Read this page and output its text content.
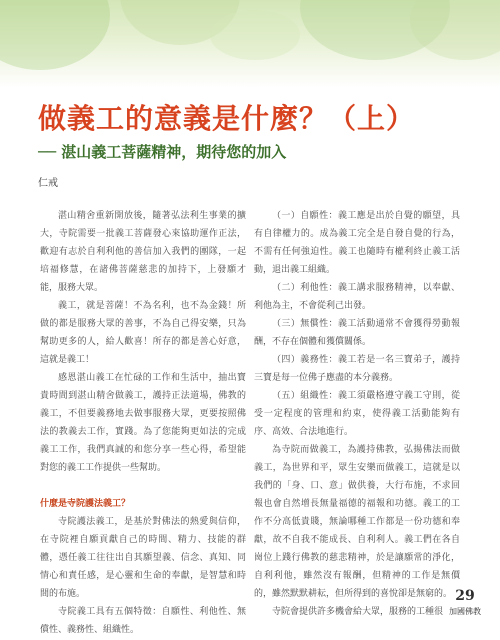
做義工的意義是什麼？（上）
── 湛山義工菩薩精神，期待您的加入
仁戒

湛山精舍重新開放後，隨著弘法利生事業的擴大，寺院需要一批義工菩薩發心來協助運作正法，歡迎有志於自利利他的善信加入我們的團隊，一起培福修慧，在諸佛菩薩慈悲的加持下，上發願才能，服務大眾。

義工，就是菩薩！不為名利，也不為金錢！所做的都是服務大眾的善事，不為自己得安樂，只為幫助更多的人，給人歡喜！所存的都是善心好意，這就是義工！

感恩湛山義工在忙碌的工作和生活中，抽出寶貴時間到湛山精舍做義工，護持正法道場，佛教的義工，不但要義務地去做事服務大眾，更要按照佛法的教義去工作，實踐。為了您能夠更如法的完成義工工作，我們真誠的和您分享一些心得，希望能對您的義工工作提供一些幫助。

什麼是寺院護法義工？

寺院護法義工，是基於對佛法的熱愛與信仰，在寺院裡自願貢獻自己的時間、精力、技能的群體，憑任義工往往出自其願望義、信念、真知、同情心和責任感，是心靈和生命的奉獻，是智慧和時間的布施。

寺院義工具有五個特徵：自願性、利他性、無償性、義務性、組織性。

（一）自願性：義工應是出於自覺的願望，具有自律權力的。成為義工完全是自發自覺的行為，不需有任何強迫性。義工也隨時有權利終止義工活動，退出義工組織。

（二）利他性：義工講求服務精神，以奉獻、利他為主，不會從利己出發。

（三）無償性：義工活動通常不會獲得勞動報酬，不存在個體和獲償關係。

（四）義務性：義工若是一名三寶弟子，護持三寶是每一位佛子應盡的本分義務。

（五）組織性：義工須嚴格遵守義工守則，從受一定程度的管理和約束，使得義工活動能夠有序、高效、合法地進行。

為寺院而做義工，為護持佛教，弘揚佛法而做義工，為世界和平，眾生安樂而做義工，這就是以我們的「身、口、意」做供養，大行布施，不求回報也會自然增長無量福德的福報和功德。義工的工作不分高低貴賤，無論哪種工作都是一份功德和奉獻，故不自我不能成長、自利利人。義工們在各自崗位上踐行佛教的慈悲精神，於是讓願常的淨化，自利利他，雖然沒有報酬，但精神的工作是無價的，雖然默默耕耘，但所得到的喜悅卻是無窮的。

寺院會提供許多機會給大眾，服務的工種很

29
加國佛教
